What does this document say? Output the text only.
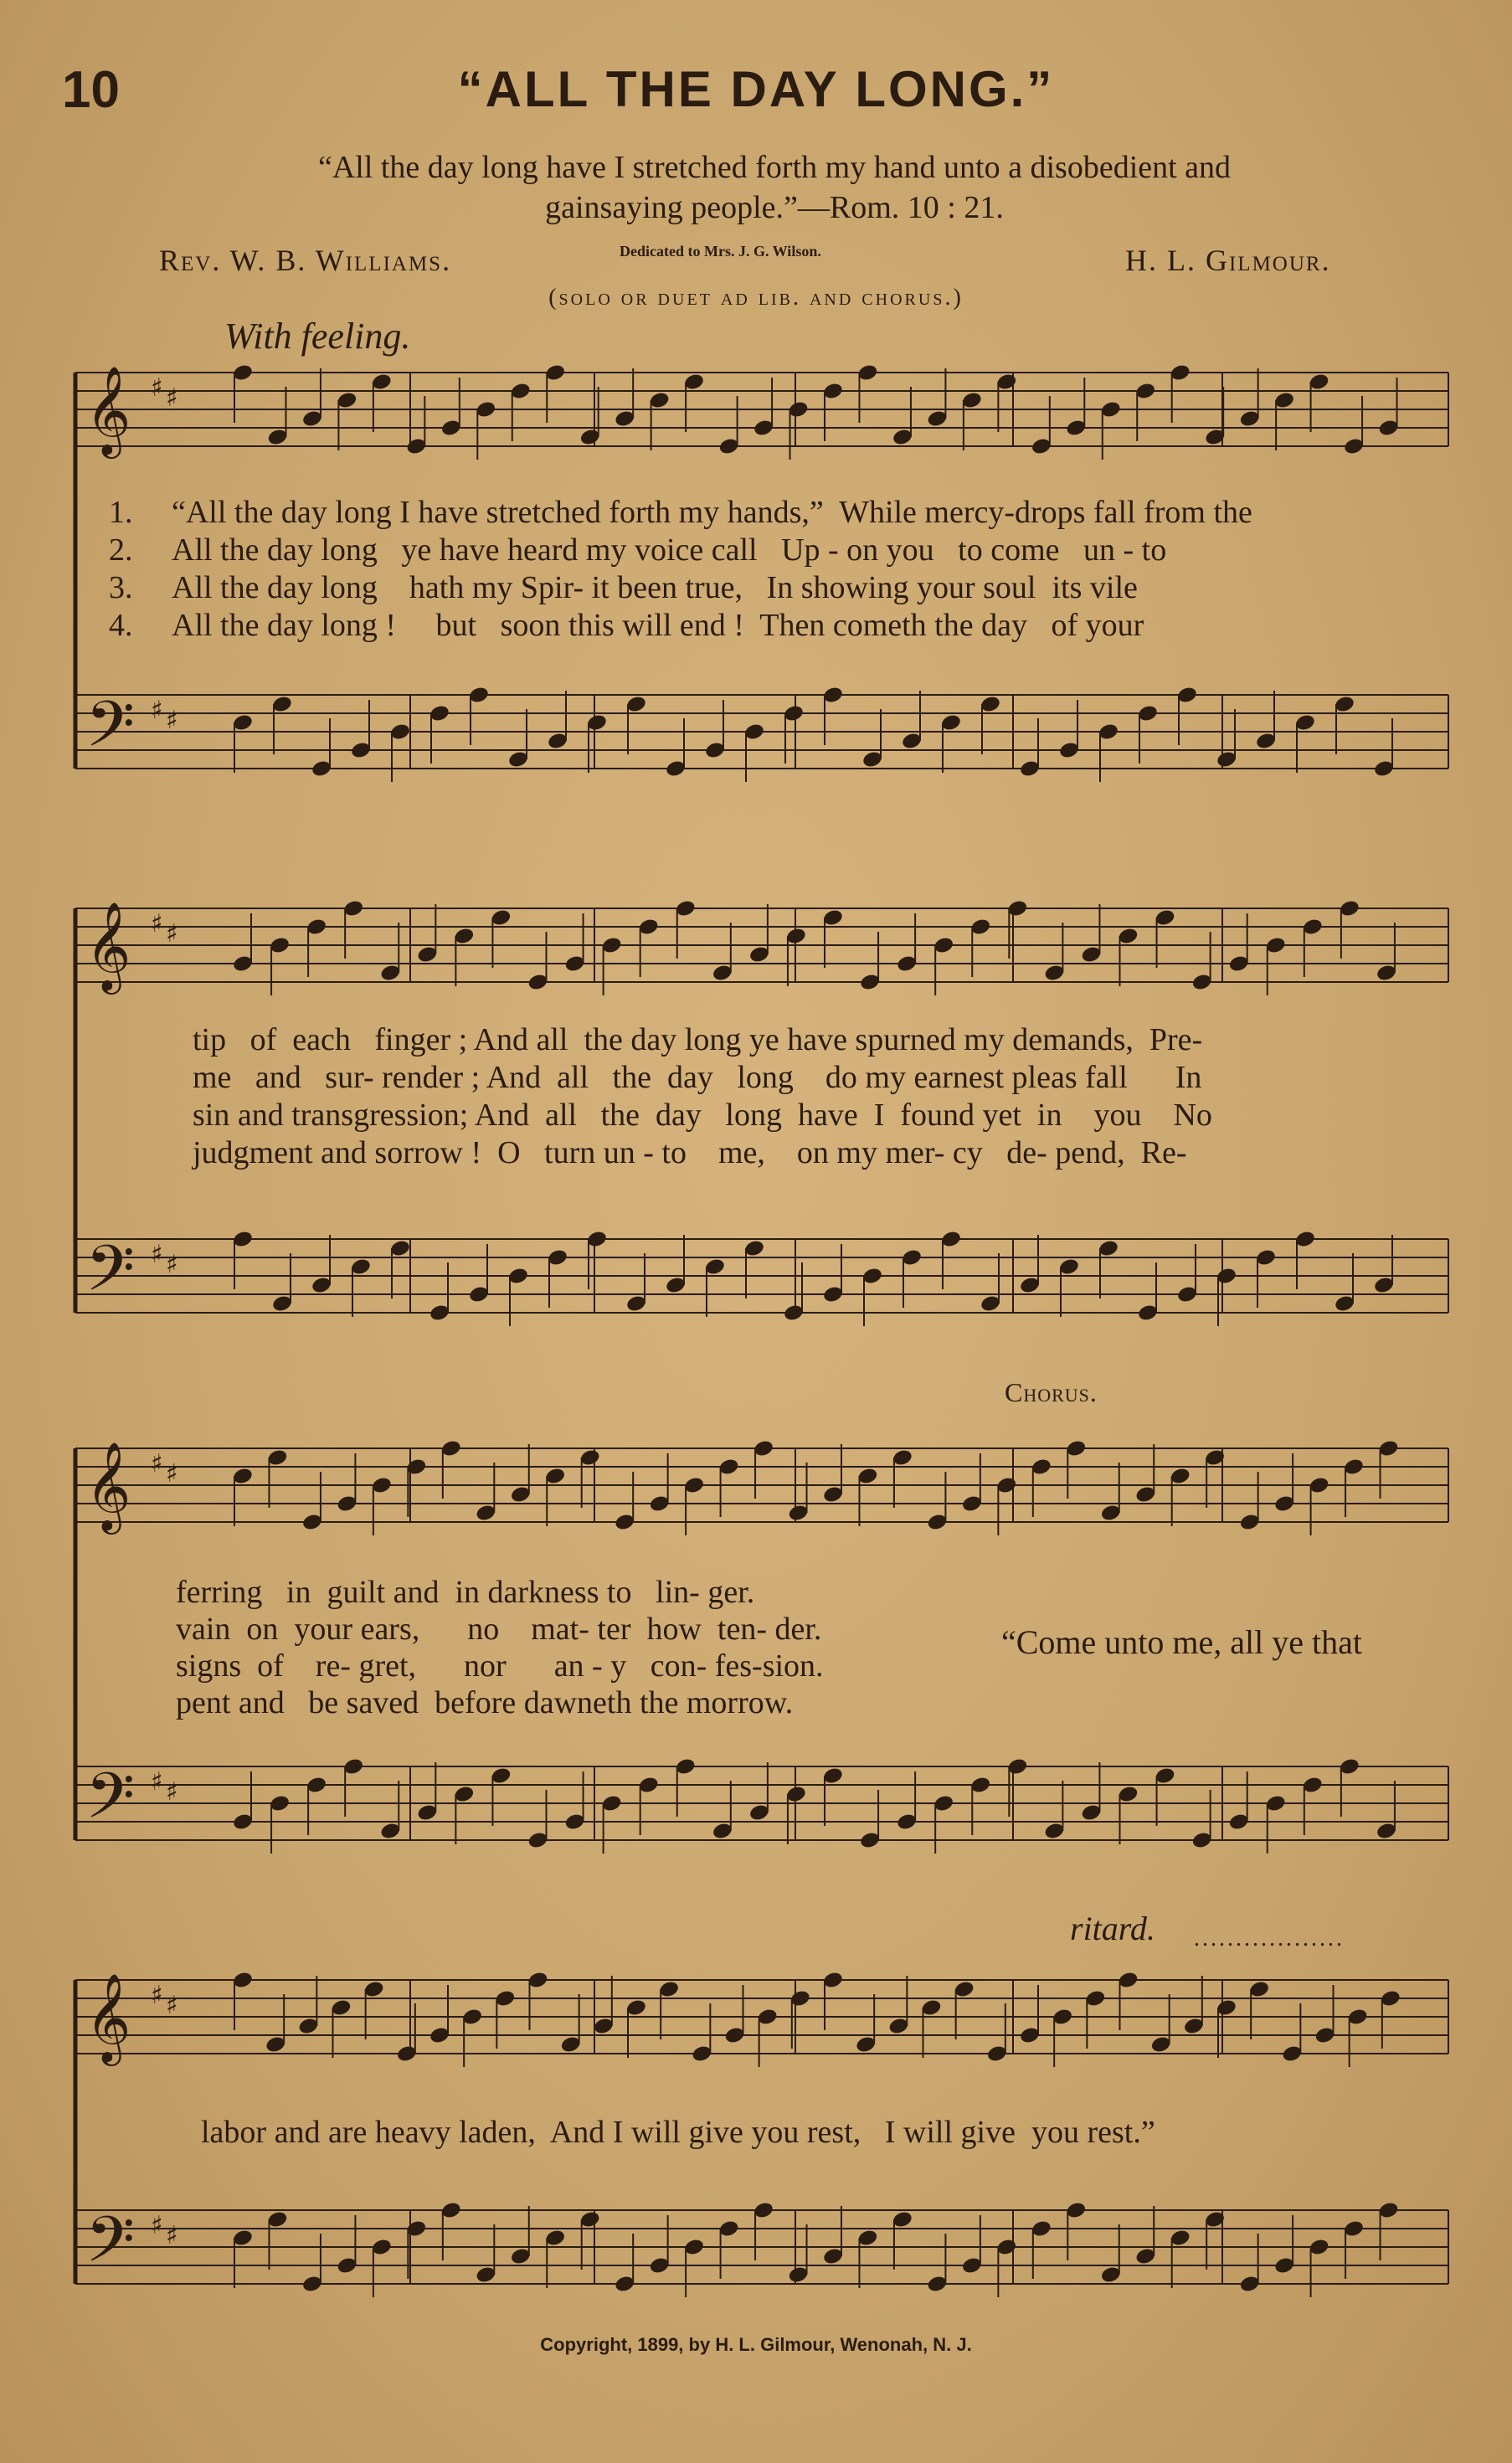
10	“ALL THE DAY LONG.”
“All the day long have I stretched forth my hand unto a disobedient and
gainsaying people.”—Rom. 10 : 21.
Rev. W. B. Williams.	Dedicated to Mrs. J. G. Wilson.	H. L. Gilmour.
(solo or duet ad lib. and chorus.)
With feeling.
𝄞 ♯ ♯
𝄢 ♯ ♯
1. “All the day long I have stretched forth my hands,”  While mercy-drops fall from the
2. All the day long   ye have heard my voice call   Up - on you   to come   un - to
3. All the day long    hath my Spir- it been true,   In showing your soul  its vile
4. All the day long !     but   soon this will end !  Then cometh the day   of your
𝄞 ♯ ♯
𝄢 ♯ ♯
tip   of  each   finger ; And all  the day long ye have spurned my demands,  Pre-
me   and   sur- render ; And  all   the  day   long    do my earnest pleas fall      In
sin and transgression; And  all   the  day   long  have  I  found yet  in    you    No
judgment and sorrow !  O   turn un - to    me,    on my mer- cy   de- pend,  Re-
Chorus.
𝄞 ♯ ♯
𝄢 ♯ ♯
ferring   in  guilt and  in darkness to   lin- ger.
vain  on  your ears,      no    mat- ter  how  ten- der.
signs  of    re- gret,      nor      an - y   con- fes-sion.
pent and   be saved  before dawneth the morrow.
“Come unto me, all ye that
ritard. ..................
𝄞 ♯ ♯
𝄢 ♯ ♯
labor and are heavy laden,  And I will give you rest,   I will give  you rest.”
Copyright, 1899, by H. L. Gilmour, Wenonah, N. J.
